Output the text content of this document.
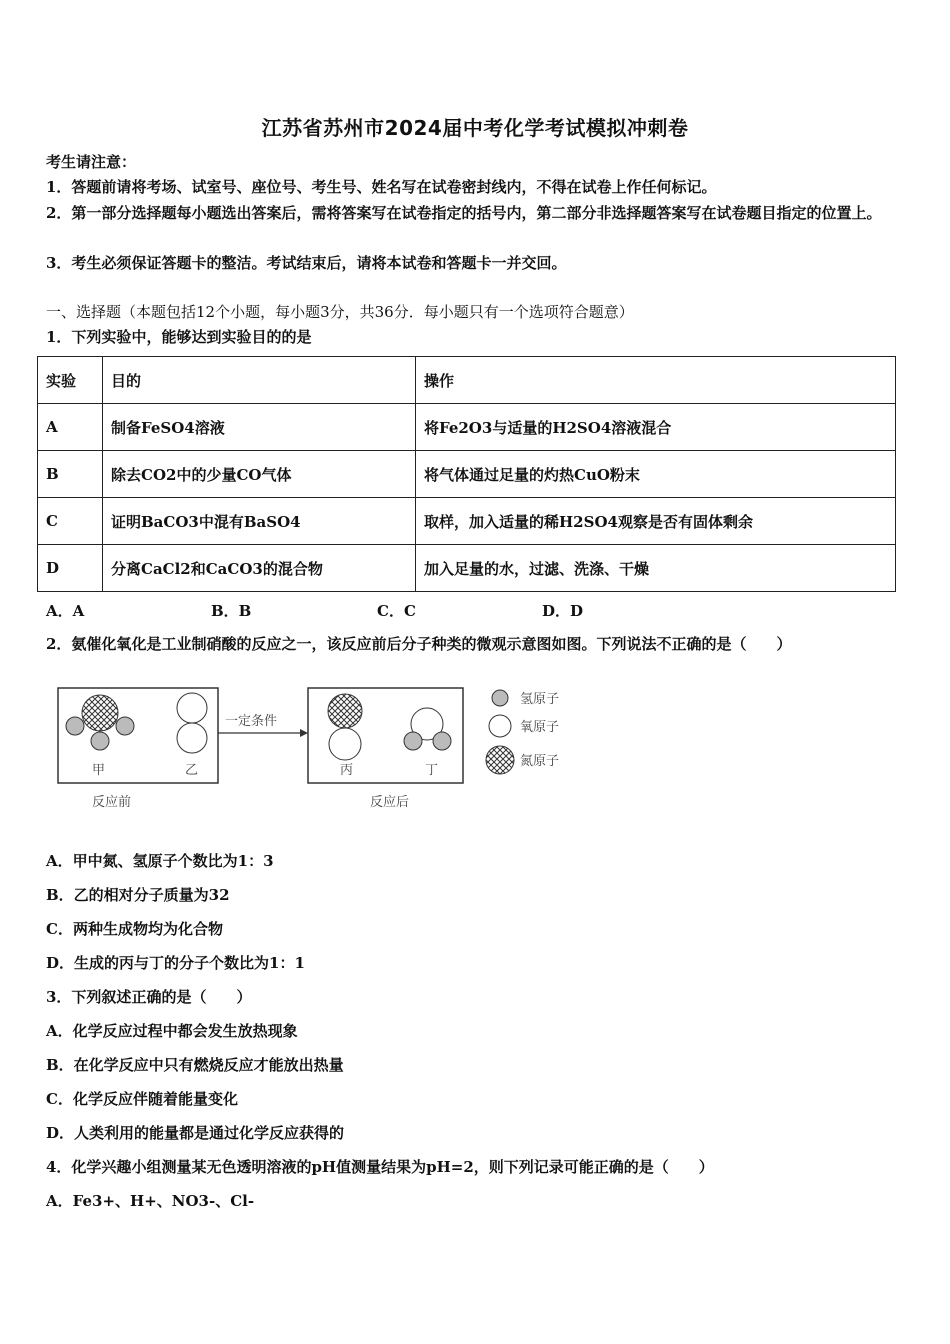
江苏省苏州市2024届中考化学考试模拟冲刺卷
考生请注意：
1．答题前请将考场、试室号、座位号、考生号、姓名写在试卷密封线内，不得在试卷上作任何标记。
2．第一部分选择题每小题选出答案后，需将答案写在试卷指定的括号内，第二部分非选择题答案写在试卷题目指定的位置上。
3．考生必须保证答题卡的整洁。考试结束后，请将本试卷和答题卡一并交回。
一、选择题（本题包括12个小题，每小题3分，共36分．每小题只有一个选项符合题意）
1．下列实验中，能够达到实验目的的是
实验	目的	操作
A	制备FeSO4溶液	将Fe2O3与适量的H2SO4溶液混合
B	除去CO2中的少量CO气体	将气体通过足量的灼热CuO粉末
C	证明BaCO3中混有BaSO4	取样，加入适量的稀H2SO4观察是否有固体剩余
D	分离CaCl2和CaCO3的混合物	加入足量的水，过滤、洗涤、干燥
A．A	B．B	C．C	D．D
2．氨催化氧化是工业制硝酸的反应之一，该反应前后分子种类的微观示意图如图。下列说法不正确的是（　　）
甲	乙
反应前
一定条件
丙	丁
反应后
氢原子
氧原子
氮原子
A．甲中氮、氢原子个数比为1：3
B．乙的相对分子质量为32
C．两种生成物均为化合物
D．生成的丙与丁的分子个数比为1：1
3．下列叙述正确的是（　　）
A．化学反应过程中都会发生放热现象
B．在化学反应中只有燃烧反应才能放出热量
C．化学反应伴随着能量变化
D．人类利用的能量都是通过化学反应获得的
4．化学兴趣小组测量某无色透明溶液的pH值测量结果为pH=2，则下列记录可能正确的是（　　）
A．Fe3+、H+、NO3-、Cl-
